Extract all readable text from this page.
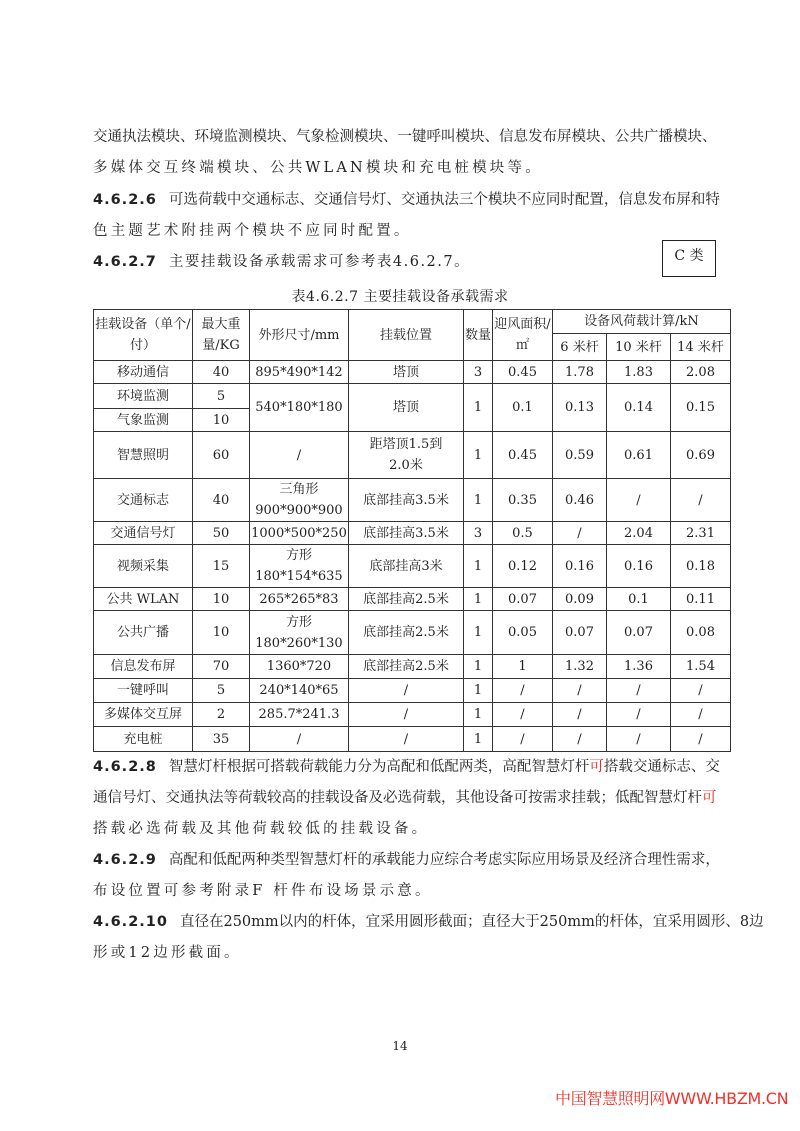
交通执法模块、环境监测模块、气象检测模块、一键呼叫模块、信息发布屏模块、公共广播模块、
多媒体交互终端模块、公共WLAN模块和充电桩模块等。
4.6.2.6 可选荷载中交通标志、交通信号灯、交通执法三个模块不应同时配置，信息发布屏和特
色主题艺术附挂两个模块不应同时配置。
4.6.2.7 主要挂载设备承载需求可参考表4.6.2.7。	C 类
表4.6.2.7 主要挂载设备承载需求
挂载设备（单个/付）	最大重量/KG	外形尺寸/mm	挂载位置	数量	迎风面积/㎡	设备风荷载计算/kN		
						6 米杆	10 米杆	14 米杆
移动通信	40	895*490*142	塔顶	3	0.45	1.78	1.83	2.08
环境监测	5	540*180*180	塔顶	1	0.1	0.13	0.14	0.15
气象监测	10							
智慧照明	60	/	距塔顶1.5到
2.0米	1	0.45	0.59	0.61	0.69
交通标志	40	三角形
900*900*900	底部挂高3.5米	1	0.35	0.46	/	/
交通信号灯	50	1000*500*250	底部挂高3.5米	3	0.5	/	2.04	2.31
视频采集	15	方形
180*154*635	底部挂高3米	1	0.12	0.16	0.16	0.18
公共 WLAN	10	265*265*83	底部挂高2.5米	1	0.07	0.09	0.1	0.11
公共广播	10	方形
180*260*130	底部挂高2.5米	1	0.05	0.07	0.07	0.08
信息发布屏	70	1360*720	底部挂高2.5米	1	1	1.32	1.36	1.54
一键呼叫	5	240*140*65	/	1	/	/	/	/
多媒体交互屏	2	285.7*241.3	/	1	/	/	/	/
充电桩	35	/	/	1	/	/	/	/
4.6.2.8 智慧灯杆根据可搭载荷载能力分为高配和低配两类，高配智慧灯杆可搭载交通标志、交
通信号灯、交通执法等荷载较高的挂载设备及必选荷载，其他设备可按需求挂载；低配智慧灯杆可
搭载必选荷载及其他荷载较低的挂载设备。
4.6.2.9 高配和低配两种类型智慧灯杆的承载能力应综合考虑实际应用场景及经济合理性需求，
布设位置可参考附录F 杆件布设场景示意。
4.6.2.10 直径在250mm以内的杆体，宜采用圆形截面；直径大于250mm的杆体，宜采用圆形、8边
形或12边形截面。
14
中国智慧照明网WWW.HBZM.CN
